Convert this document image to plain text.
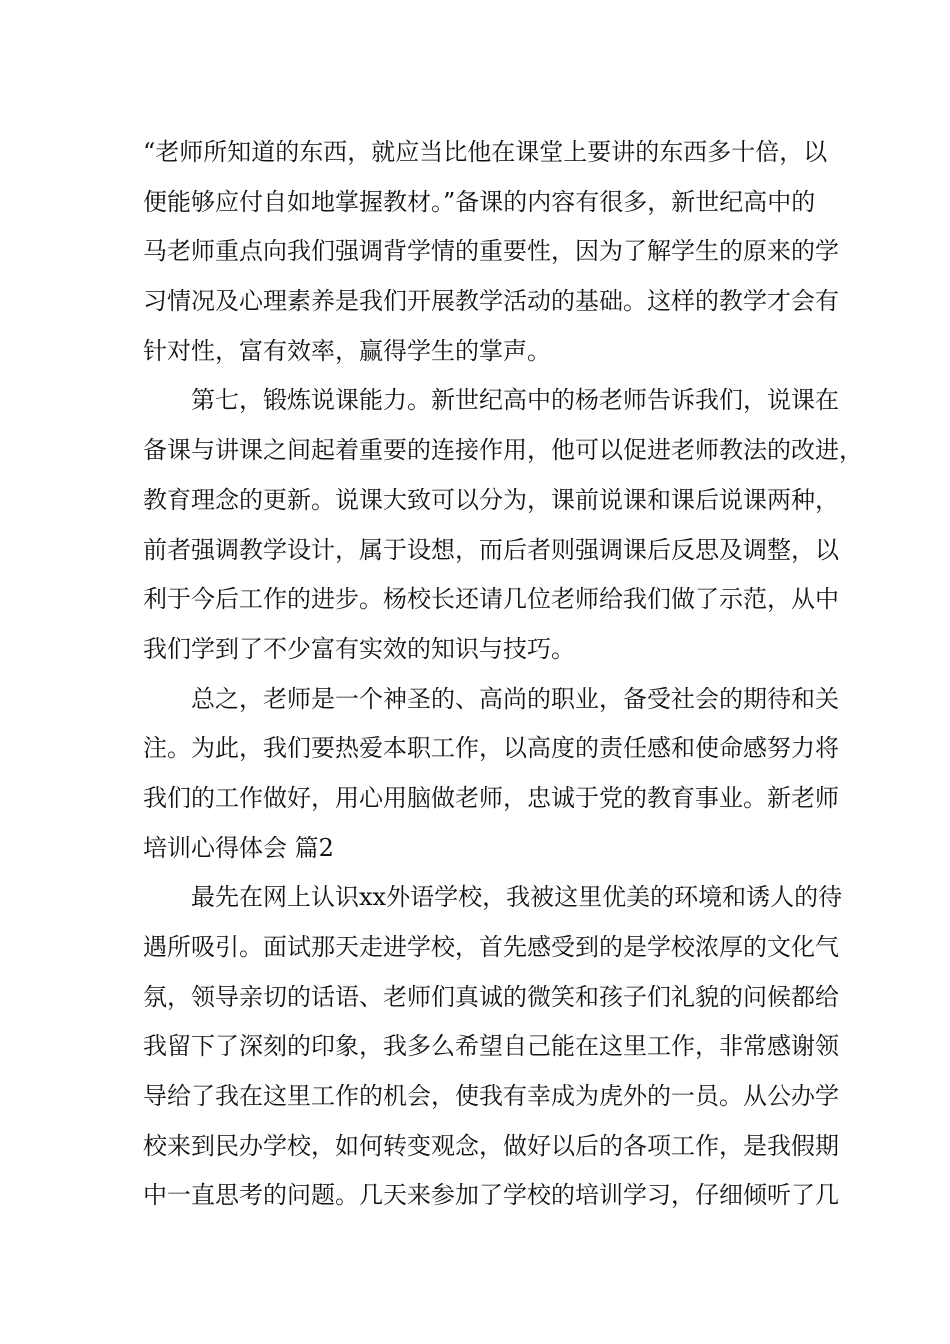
“老师所知道的东西，就应当比他在课堂上要讲的东西多十倍，以
便能够应付自如地掌握教材。”备课的内容有很多，新世纪高中的
马老师重点向我们强调背学情的重要性，因为了解学生的原来的学
习情况及心理素养是我们开展教学活动的基础。这样的教学才会有
针对性，富有效率，赢得学生的掌声。
第七，锻炼说课能力。新世纪高中的杨老师告诉我们，说课在
备课与讲课之间起着重要的连接作用，他可以促进老师教法的改进，
教育理念的更新。说课大致可以分为，课前说课和课后说课两种，
前者强调教学设计，属于设想，而后者则强调课后反思及调整，以
利于今后工作的进步。杨校长还请几位老师给我们做了示范，从中
我们学到了不少富有实效的知识与技巧。
总之，老师是一个神圣的、高尚的职业，备受社会的期待和关
注。为此，我们要热爱本职工作，以高度的责任感和使命感努力将
我们的工作做好，用心用脑做老师，忠诚于党的教育事业。新老师
培训心得体会 篇2
最先在网上认识xx外语学校，我被这里优美的环境和诱人的待
遇所吸引。面试那天走进学校，首先感受到的是学校浓厚的文化气
氛，领导亲切的话语、老师们真诚的微笑和孩子们礼貌的问候都给
我留下了深刻的印象，我多么希望自己能在这里工作，非常感谢领
导给了我在这里工作的机会，使我有幸成为虎外的一员。从公办学
校来到民办学校，如何转变观念，做好以后的各项工作，是我假期
中一直思考的问题。几天来参加了学校的培训学习，仔细倾听了几
